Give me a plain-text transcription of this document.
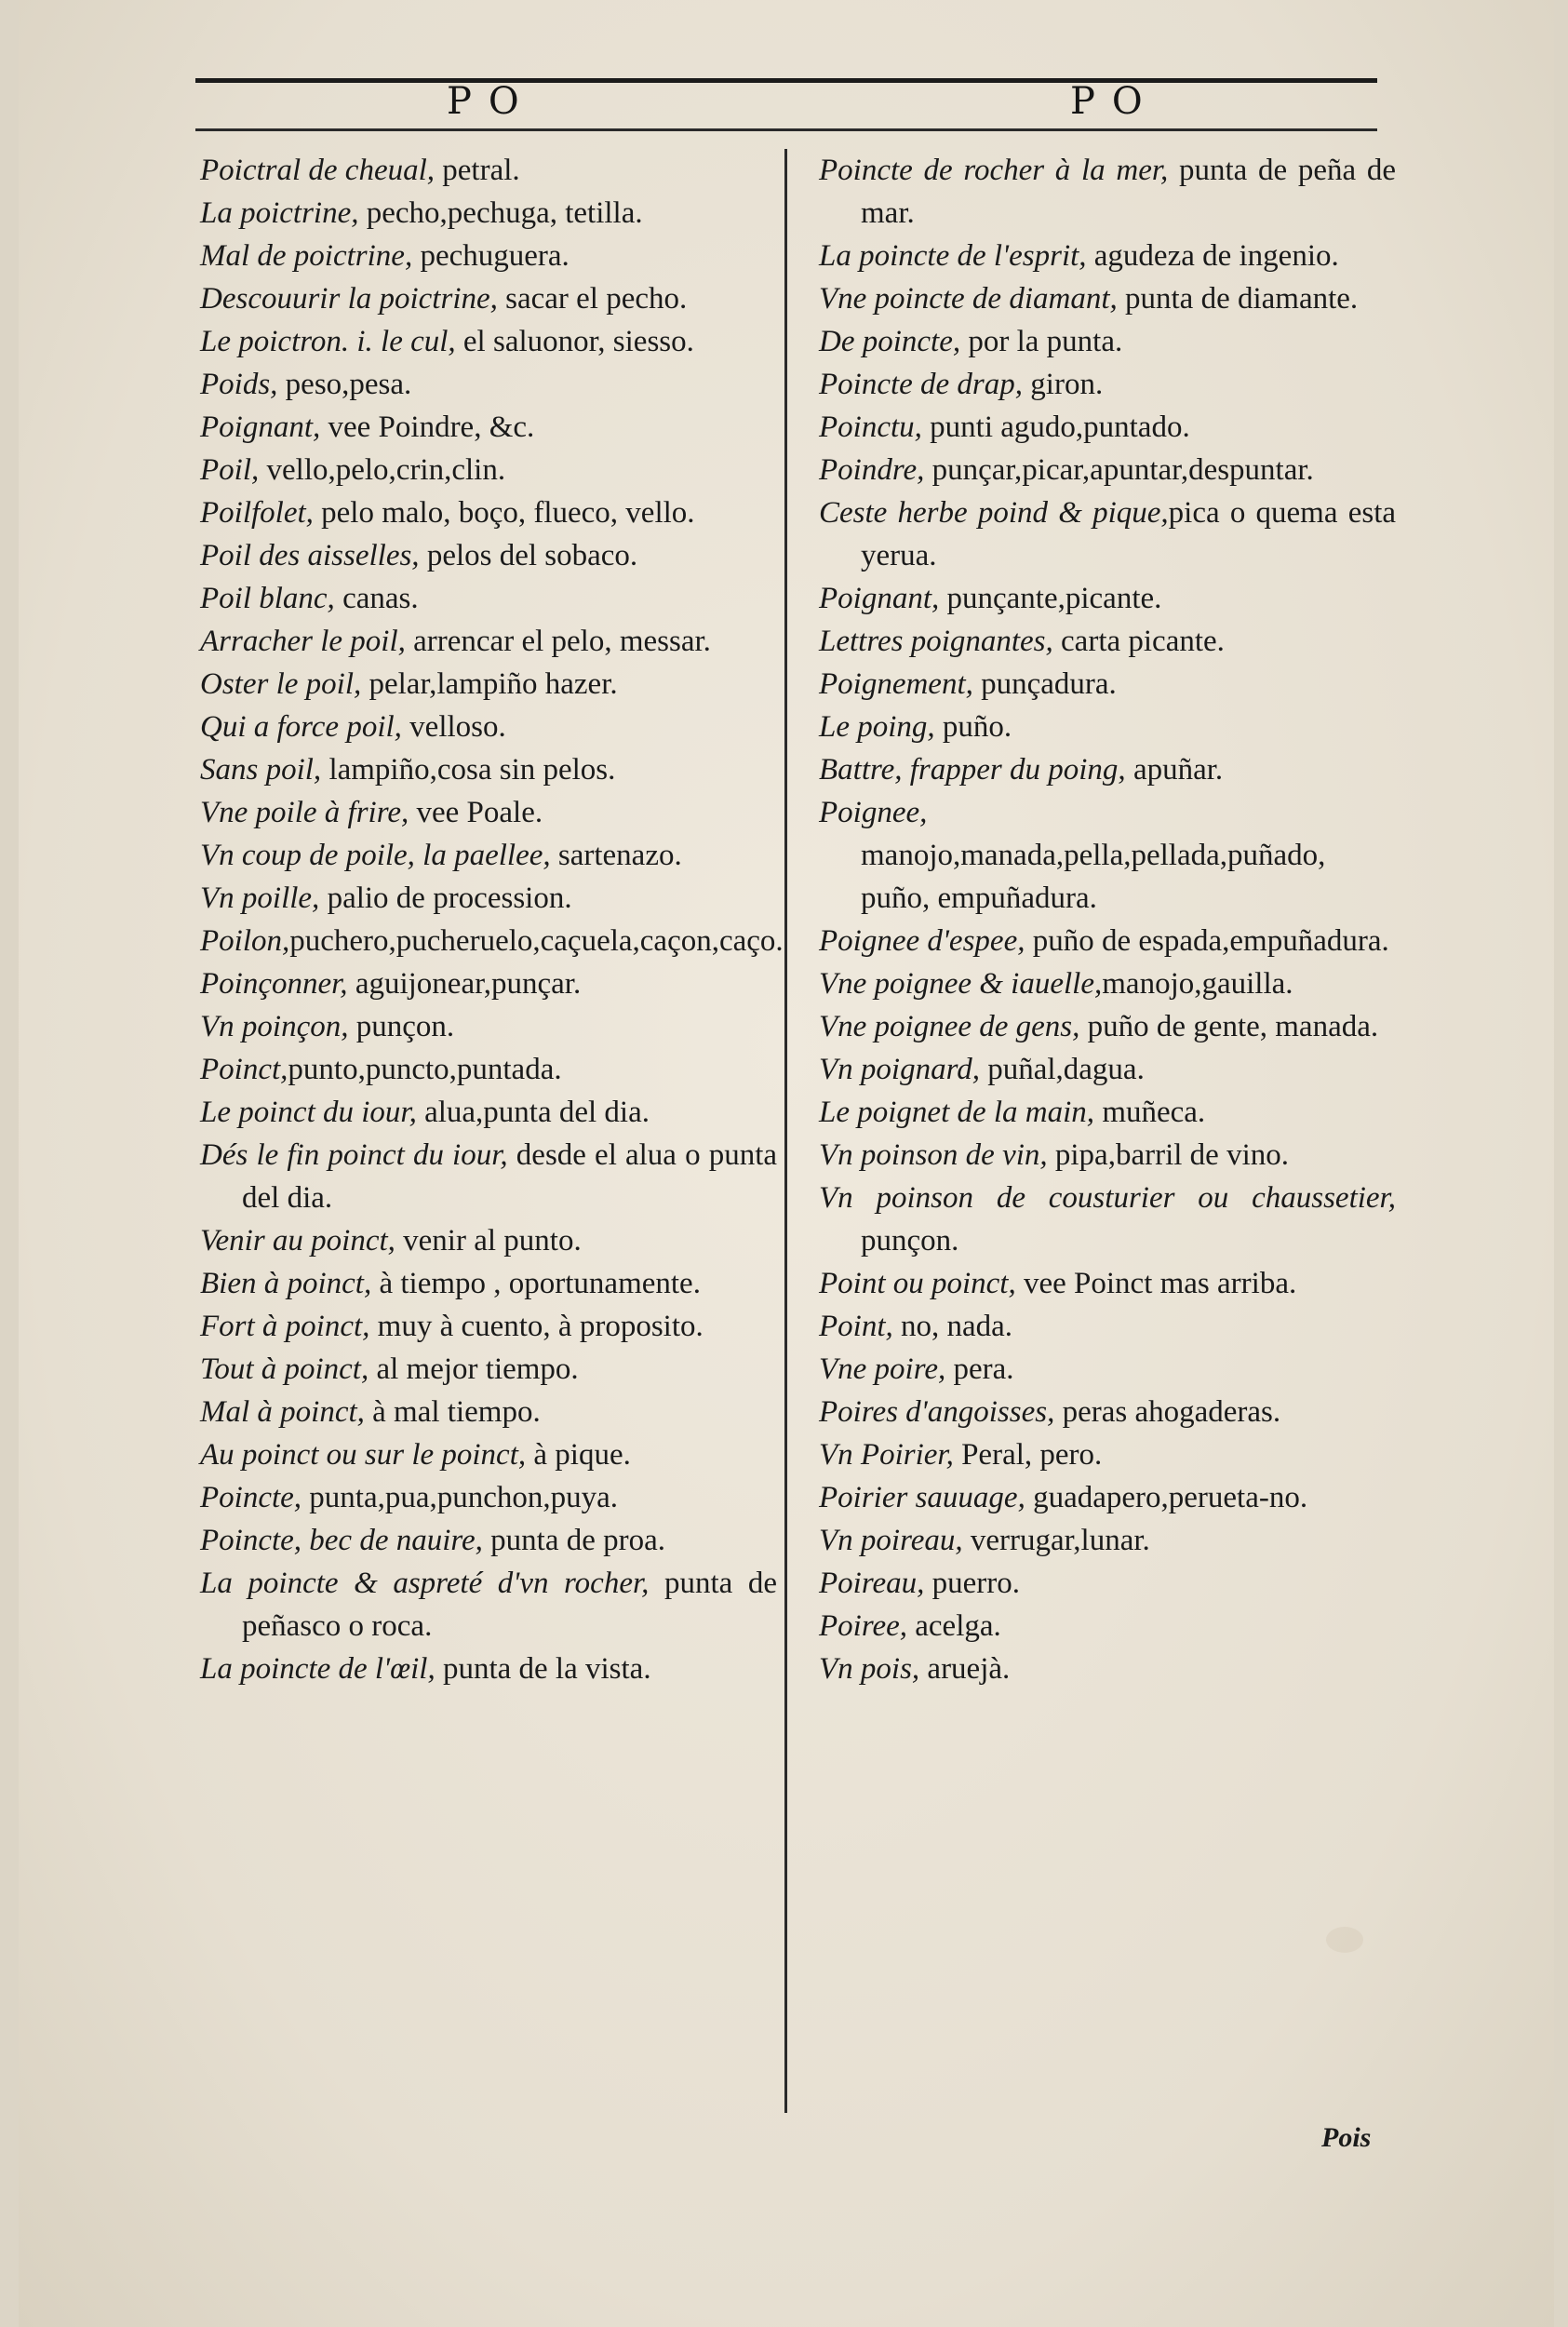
PO	PO
Poictral de cheual, petral.
La poictrine, pecho,pechuga, tetilla.
Mal de poictrine, pechuguera.
Descouurir la poictrine, sacar el pecho.
Le poictron. i. le cul, el saluonor, siesso.
Poids, peso,pesa.
Poignant, vee Poindre, &c.
Poil, vello,pelo,crin,clin.
Poilfolet, pelo malo, boço, flueco, vello.
Poil des aisselles, pelos del sobaco.
Poil blanc, canas.
Arracher le poil, arrencar el pelo, messar.
Oster le poil, pelar,lampiño hazer.
Qui a force poil, velloso.
Sans poil, lampiño,cosa sin pelos.
Vne poile à frire, vee Poale.
Vn coup de poile, la paellee, sartenazo.
Vn poille, palio de procession.
Poilon,puchero,pucheruelo,caçuela,caçon,caço.
Poinçonner, aguijonear,punçar.
Vn poinçon, punçon.
Poinct,punto,puncto,puntada.
Le poinct du iour, alua,punta del dia.
Dés le fin poinct du iour, desde el alua o punta del dia.
Venir au poinct, venir al punto.
Bien à poinct, à tiempo , oportunamente.
Fort à poinct, muy à cuento, à proposito.
Tout à poinct, al mejor tiempo.
Mal à poinct, à mal tiempo.
Au poinct ou sur le poinct, à pique.
Poincte, punta,pua,punchon,puya.
Poincte, bec de nauire, punta de proa.
La poincte & aspreté d'vn rocher, punta de peñasco o roca.
La poincte de l'œil, punta de la vista.
Poincte de rocher à la mer, punta de peña de mar.
La poincte de l'esprit, agudeza de ingenio.
Vne poincte de diamant, punta de diamante.
De poincte, por la punta.
Poincte de drap, giron.
Poinctu, punti agudo,puntado.
Poindre, punçar,picar,apuntar,despuntar.
Ceste herbe poind & pique,pica o quema esta yerua.
Poignant, punçante,picante.
Lettres poignantes, carta picante.
Poignement, punçadura.
Le poing, puño.
Battre, frapper du poing, apuñar.
Poignee, manojo,manada,pella,pellada,puñado, puño, empuñadura.
Poignee d'espee, puño de espada,empuñadura.
Vne poignee & iauelle,manojo,gauilla.
Vne poignee de gens, puño de gente, manada.
Vn poignard, puñal,dagua.
Le poignet de la main, muñeca.
Vn poinson de vin, pipa,barril de vino.
Vn poinson de cousturier ou chaussetier, punçon.
Point ou poinct, vee Poinct mas arriba.
Point, no, nada.
Vne poire, pera.
Poires d'angoisses, peras ahogaderas.
Vn Poirier, Peral, pero.
Poirier sauuage, guadapero,perueta-no.
Vn poireau, verrugar,lunar.
Poireau, puerro.
Poiree, acelga.
Vn pois, aruejà.
Pois
